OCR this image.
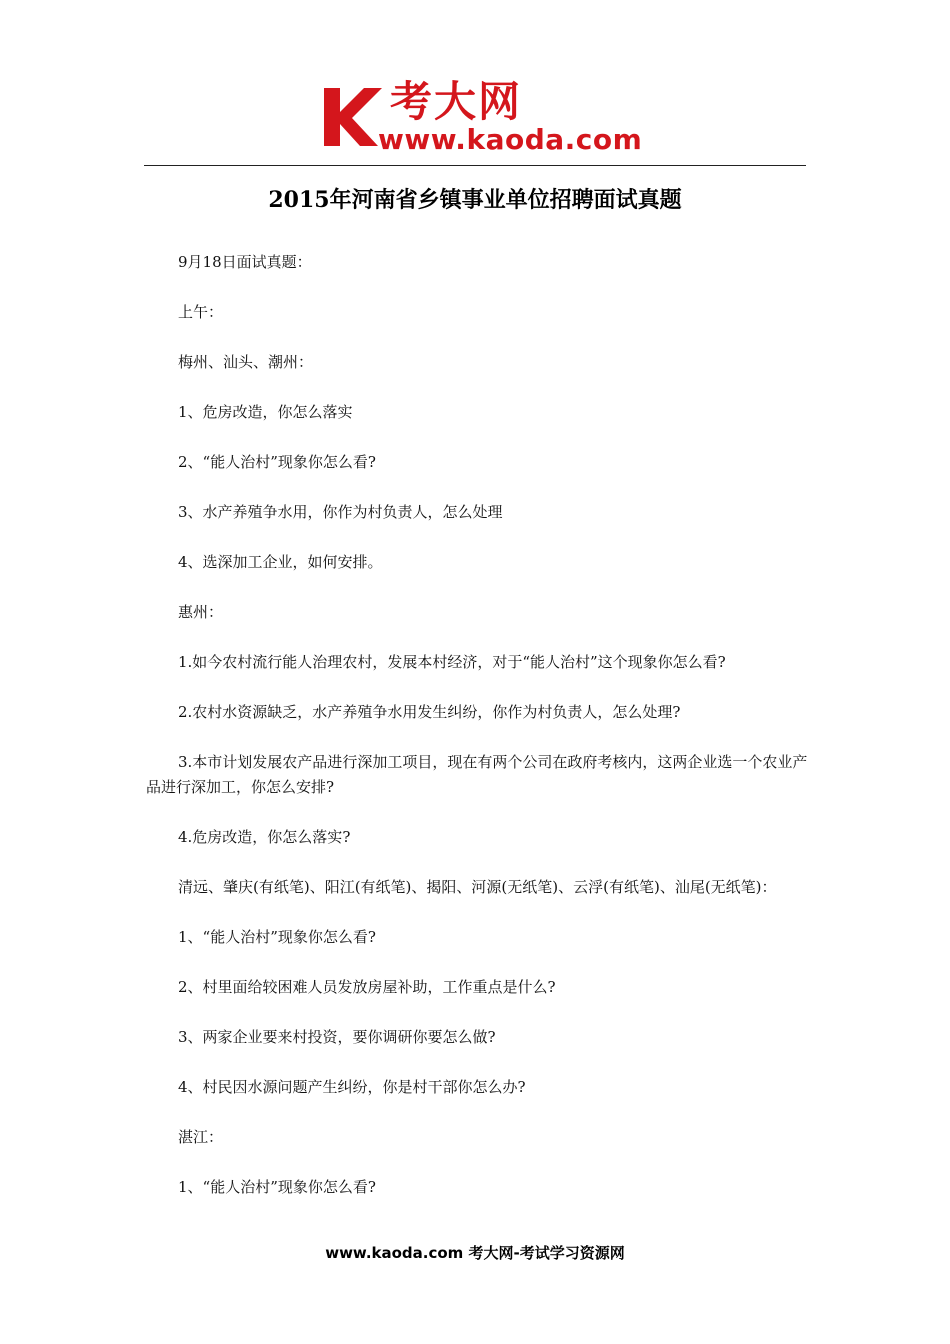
考大网
www.kaoda.com
2015年河南省乡镇事业单位招聘面试真题

9月18日面试真题：

上午：

梅州、汕头、潮州：

1、危房改造，你怎么落实

2、“能人治村”现象你怎么看?

3、水产养殖争水用，你作为村负责人，怎么处理

4、选深加工企业，如何安排。

惠州：

1.如今农村流行能人治理农村，发展本村经济，对于“能人治村”这个现象你怎么看?

2.农村水资源缺乏，水产养殖争水用发生纠纷，你作为村负责人，怎么处理?

3.本市计划发展农产品进行深加工项目，现在有两个公司在政府考核内，这两企业选一个农业产品进行深加工，你怎么安排?

4.危房改造，你怎么落实?

清远、肇庆(有纸笔)、阳江(有纸笔)、揭阳、河源(无纸笔)、云浮(有纸笔)、汕尾(无纸笔)：

1、“能人治村”现象你怎么看?

2、村里面给较困难人员发放房屋补助，工作重点是什么?

3、两家企业要来村投资，要你调研你要怎么做?

4、村民因水源问题产生纠纷，你是村干部你怎么办?

湛江：

1、“能人治村”现象你怎么看?

www.kaoda.com 考大网-考试学习资源网
